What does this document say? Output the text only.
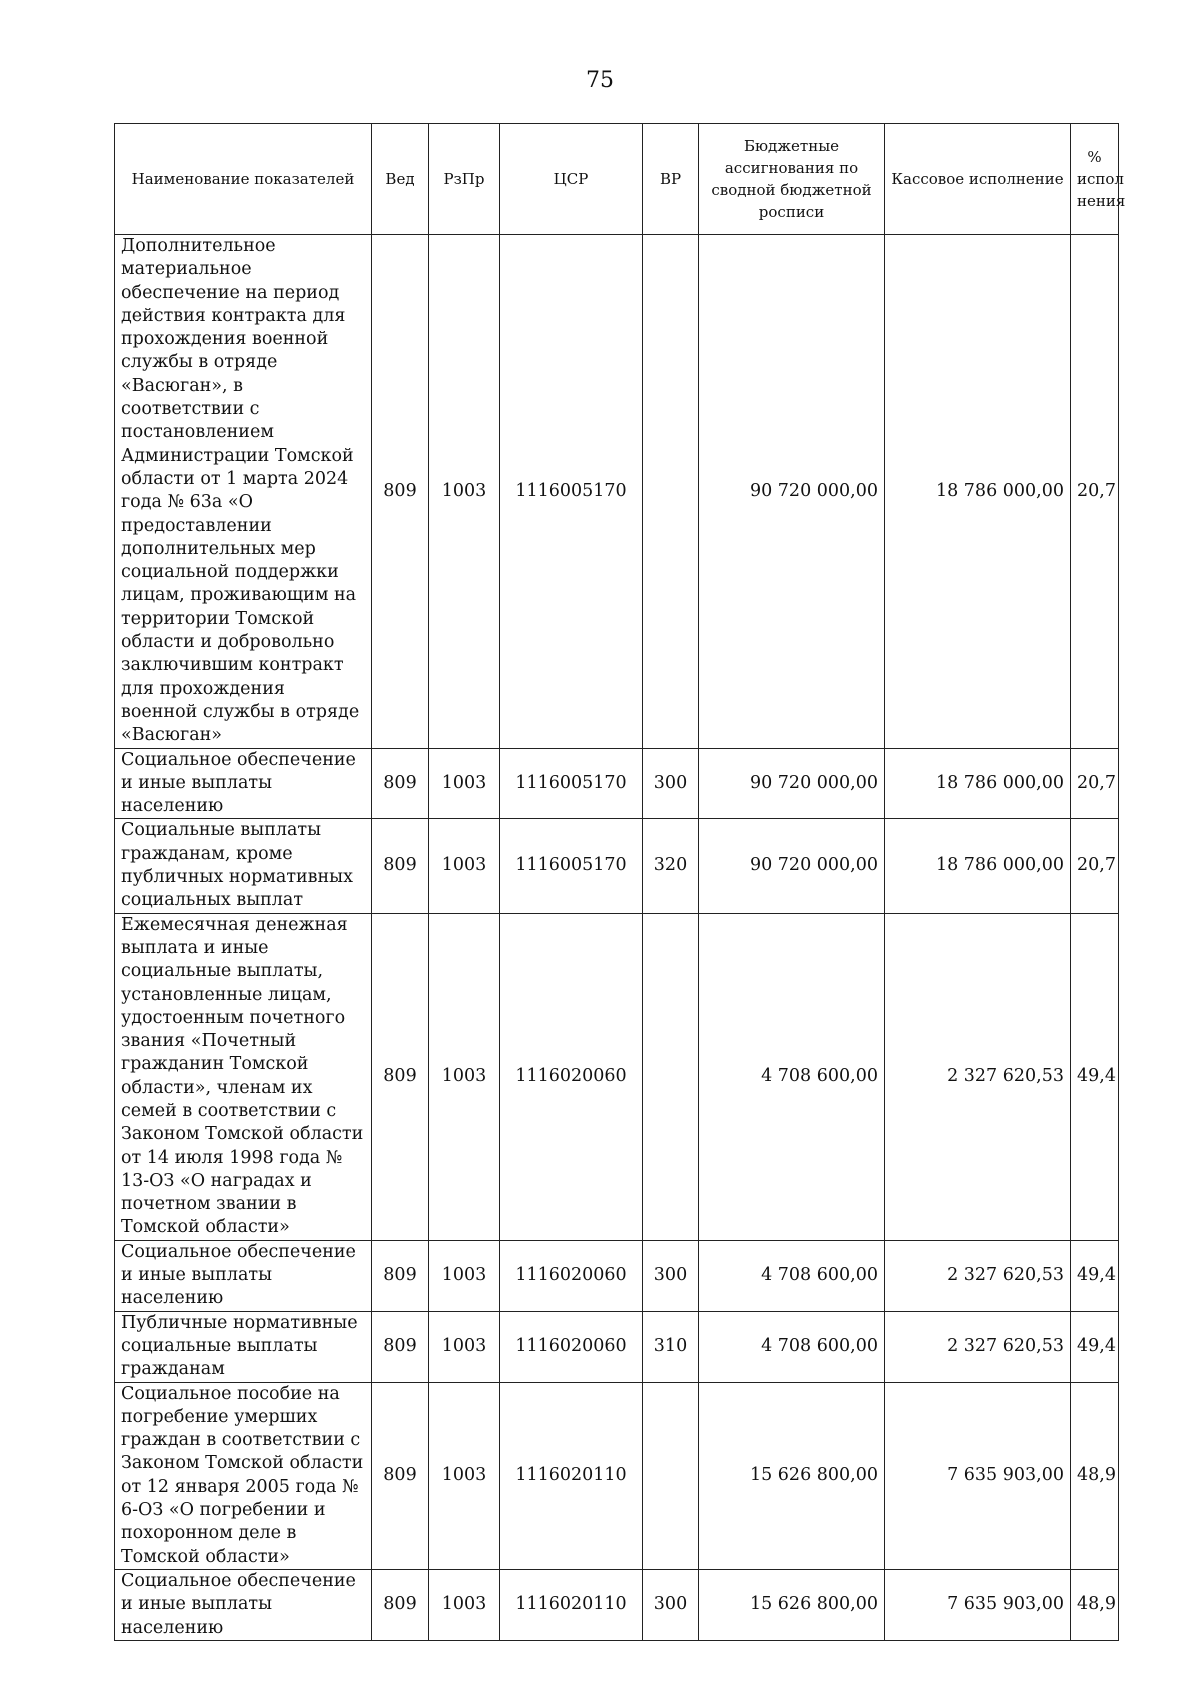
75
Наименование показателей	Вед	РзПр	ЦСР	ВР	Бюджетные ассигнования по сводной бюджетной росписи	Кассовое исполнение	% испол нения
Дополнительное материальное обеспечение на период действия контракта для прохождения военной службы в отряде «Васюган», в соответствии с постановлением Администрации Томской области от 1 марта 2024 года № 63а «О предоставлении дополнительных мер социальной поддержки лицам, проживающим на территории Томской области и добровольно заключившим контракт для прохождения военной службы в отряде «Васюган»	809	1003	1116005170		90 720 000,00	18 786 000,00	20,7
Социальное обеспечение и иные выплаты населению	809	1003	1116005170	300	90 720 000,00	18 786 000,00	20,7
Социальные выплаты гражданам, кроме публичных нормативных социальных выплат	809	1003	1116005170	320	90 720 000,00	18 786 000,00	20,7
Ежемесячная денежная выплата и иные социальные выплаты, установленные лицам, удостоенным почетного звания «Почетный гражданин Томской области», членам их семей в соответствии с Законом Томской области от 14 июля 1998 года № 13-ОЗ «О наградах и почетном звании в Томской области»	809	1003	1116020060		4 708 600,00	2 327 620,53	49,4
Социальное обеспечение и иные выплаты населению	809	1003	1116020060	300	4 708 600,00	2 327 620,53	49,4
Публичные нормативные социальные выплаты гражданам	809	1003	1116020060	310	4 708 600,00	2 327 620,53	49,4
Социальное пособие на погребение умерших граждан в соответствии с Законом Томской области от 12 января 2005 года № 6-ОЗ «О погребении и похоронном деле в Томской области»	809	1003	1116020110		15 626 800,00	7 635 903,00	48,9
Социальное обеспечение и иные выплаты населению	809	1003	1116020110	300	15 626 800,00	7 635 903,00	48,9
